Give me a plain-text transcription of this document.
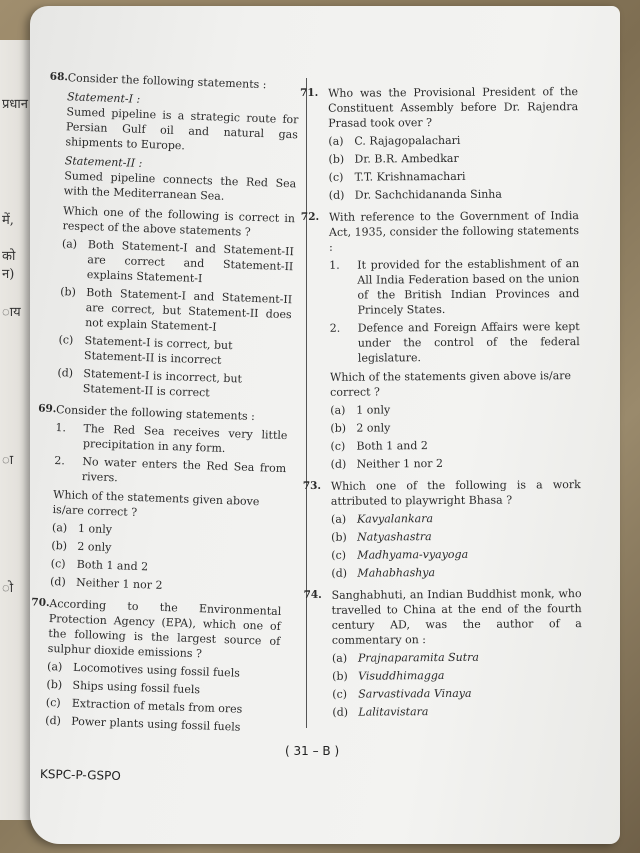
प्रधान
में,
को
न)
ाय
ा
ो
68. Consider the following statements :
Statement-I :
Sumed pipeline is a strategic route for Persian Gulf oil and natural gas shipments to Europe.
Statement-II :
Sumed pipeline connects the Red Sea with the Mediterranean Sea.
Which one of the following is correct in respect of the above statements ?
(a) Both Statement-I and Statement-II are correct and Statement-II explains Statement-I
(b) Both Statement-I and Statement-II are correct, but Statement-II does not explain Statement-I
(c) Statement-I is correct, but Statement-II is incorrect
(d) Statement-I is incorrect, but Statement-II is correct
69. Consider the following statements :
1.	The Red Sea receives very little precipitation in any form.
2.	No water enters the Red Sea from rivers.
Which of the statements given above is/are correct ?
(a) 1 only
(b) 2 only
(c) Both 1 and 2
(d) Neither 1 nor 2
70. According to the Environmental Protection Agency (EPA), which one of the following is the largest source of sulphur dioxide emissions ?
(a) Locomotives using fossil fuels
(b) Ships using fossil fuels
(c) Extraction of metals from ores
(d) Power plants using fossil fuels
71. Who was the Provisional President of the Constituent Assembly before Dr. Rajendra Prasad took over ?
(a) C. Rajagopalachari
(b) Dr. B.R. Ambedkar
(c)	T.T. Krishnamachari
(d) Dr. Sachchidananda Sinha
72. With reference to the Government of India Act, 1935, consider the following statements :
1.	It provided for the establishment of an All India Federation based on the union of the British Indian Provinces and Princely States.
2.	Defence and Foreign Affairs were kept under the control of the federal legislature.
Which of the statements given above is/are correct ?
(a) 1 only
(b) 2 only
(c)	Both 1 and 2
(d) Neither 1 nor 2
73. Which one of the following is a work attributed to playwright Bhasa ?
(a) Kavyalankara
(b) Natyashastra
(c)	Madhyama-vyayoga
(d) Mahabhashya
74. Sanghabhuti, an Indian Buddhist monk, who travelled to China at the end of the fourth century AD, was the author of a commentary on :
(a) Prajnaparamita Sutra
(b) Visuddhimagga
(c)	Sarvastivada Vinaya
(d) Lalitavistara
( 31 – B )
KSPC-P-GSPO
